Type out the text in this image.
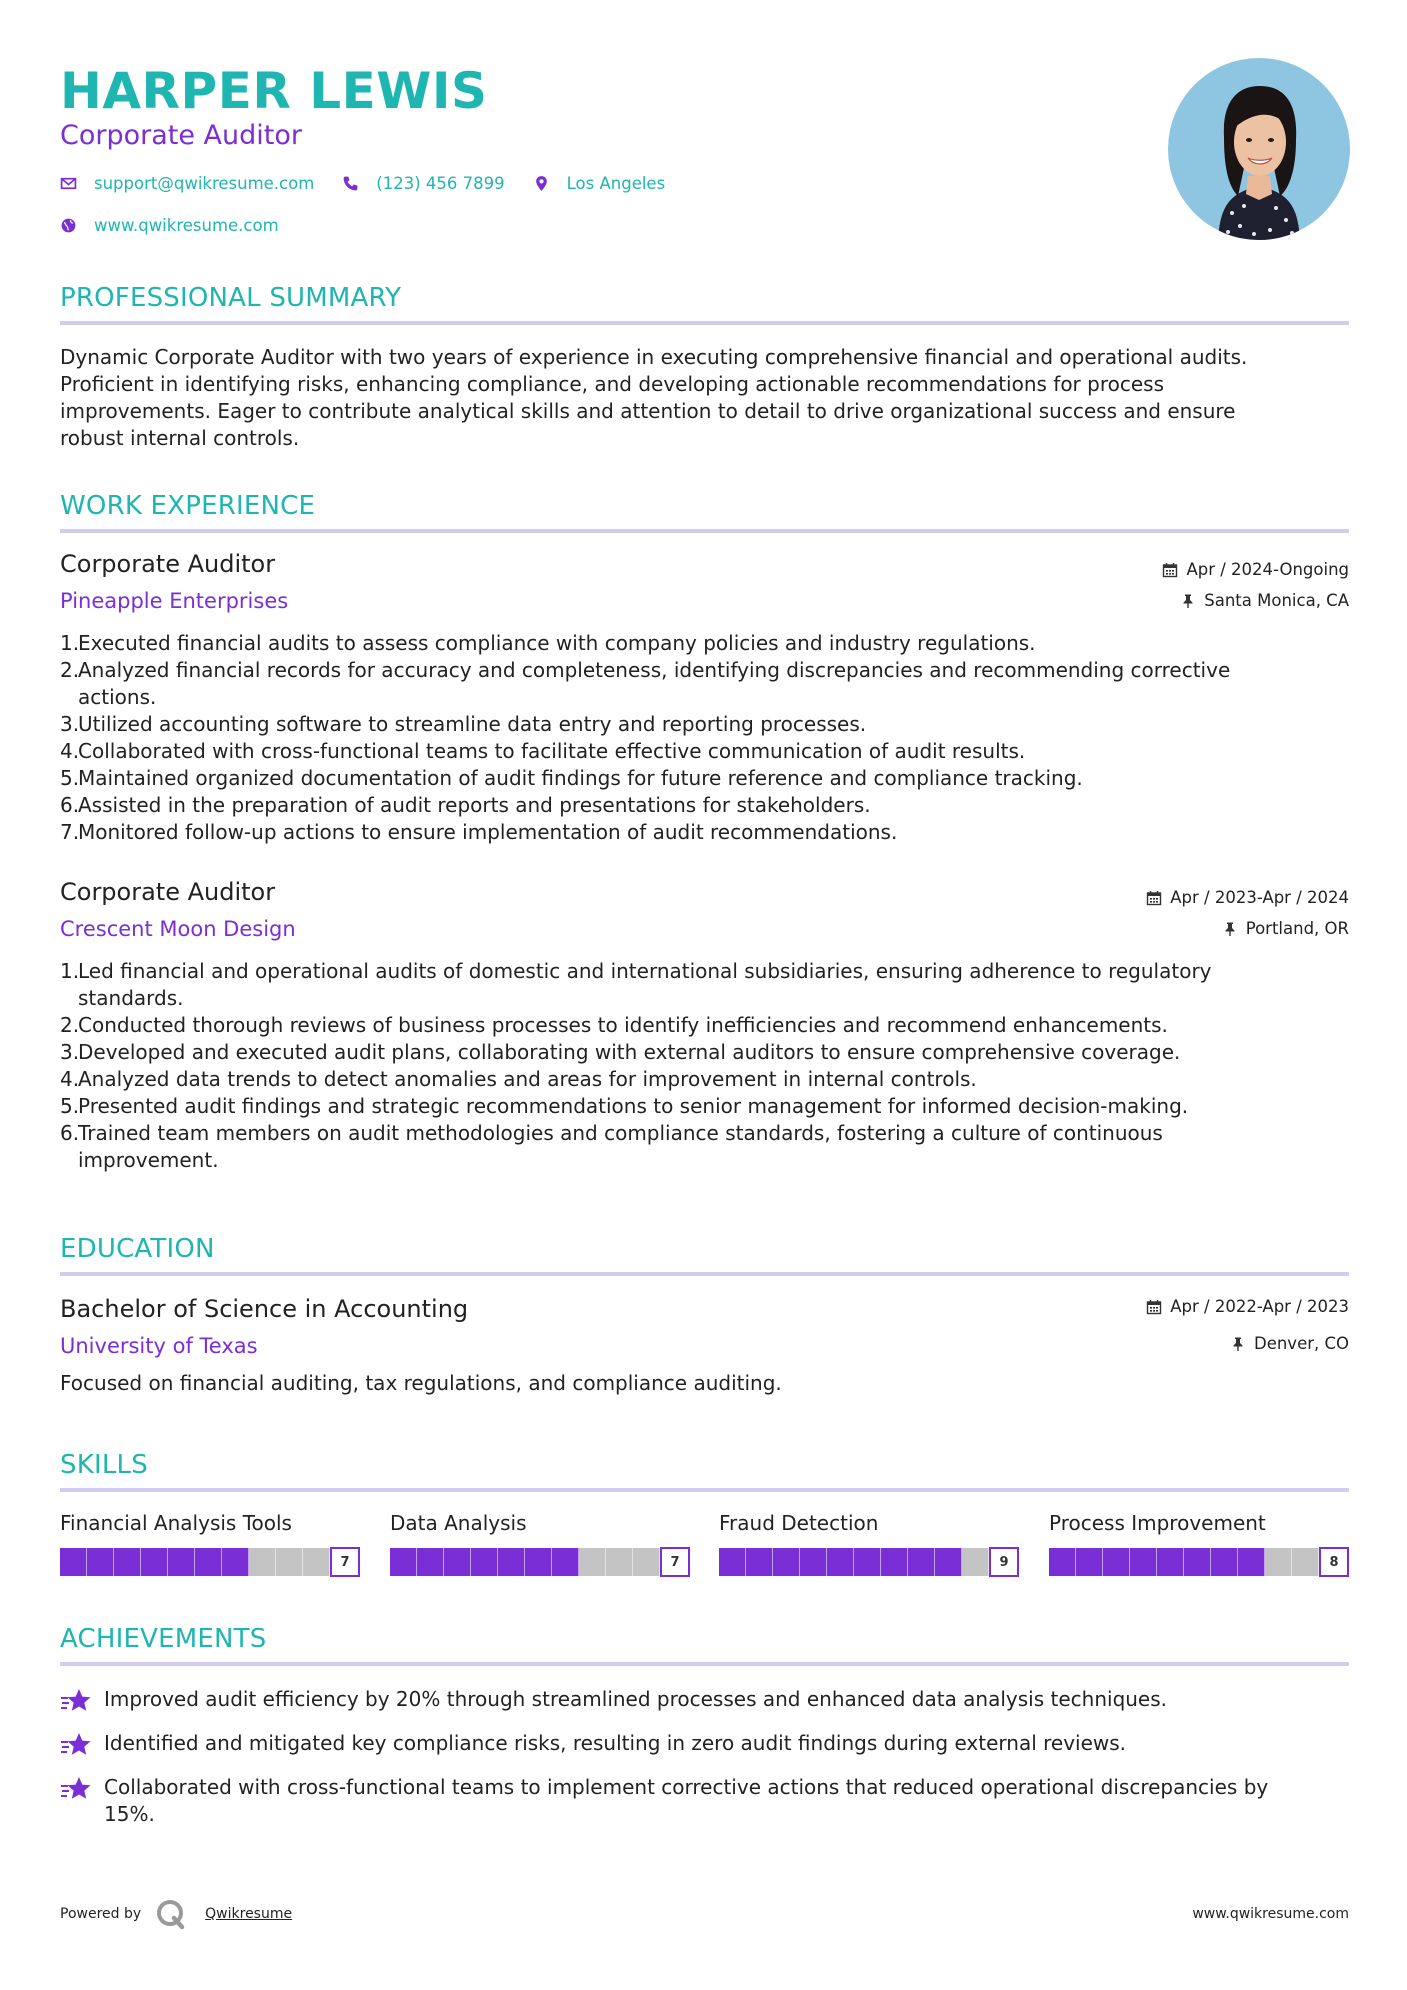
HARPER LEWIS
Corporate Auditor
support@qwikresume.com	(123) 456 7899	Los Angeles
www.qwikresume.com
PROFESSIONAL SUMMARY
Dynamic Corporate Auditor with two years of experience in executing comprehensive financial and operational audits.
Proficient in identifying risks, enhancing compliance, and developing actionable recommendations for process
improvements. Eager to contribute analytical skills and attention to detail to drive organizational success and ensure
robust internal controls.
WORK EXPERIENCE
Corporate Auditor
Pineapple Enterprises
Apr / 2024-Ongoing
Santa Monica, CA
1.
Executed financial audits to assess compliance with company policies and industry regulations.
2.
Analyzed financial records for accuracy and completeness, identifying discrepancies and recommending corrective
actions.
3.
Utilized accounting software to streamline data entry and reporting processes.
4.
Collaborated with cross-functional teams to facilitate effective communication of audit results.
5.
Maintained organized documentation of audit findings for future reference and compliance tracking.
6.
Assisted in the preparation of audit reports and presentations for stakeholders.
7.
Monitored follow-up actions to ensure implementation of audit recommendations.
Corporate Auditor
Crescent Moon Design
Apr / 2023-Apr / 2024
Portland, OR
1.
Led financial and operational audits of domestic and international subsidiaries, ensuring adherence to regulatory
standards.
2.
Conducted thorough reviews of business processes to identify inefficiencies and recommend enhancements.
3.
Developed and executed audit plans, collaborating with external auditors to ensure comprehensive coverage.
4.
Analyzed data trends to detect anomalies and areas for improvement in internal controls.
5.
Presented audit findings and strategic recommendations to senior management for informed decision-making.
6.
Trained team members on audit methodologies and compliance standards, fostering a culture of continuous
improvement.
EDUCATION
Bachelor of Science in Accounting
University of Texas
Apr / 2022-Apr / 2023
Denver, CO
Focused on financial auditing, tax regulations, and compliance auditing.
SKILLS
Financial Analysis Tools
7
Data Analysis
7
Fraud Detection
9
Process Improvement
8
ACHIEVEMENTS
Improved audit efficiency by 20% through streamlined processes and enhanced data analysis techniques.
Identified and mitigated key compliance risks, resulting in zero audit findings during external reviews.
Collaborated with cross-functional teams to implement corrective actions that reduced operational discrepancies by
15%.
Powered by	Qwikresume	www.qwikresume.com
